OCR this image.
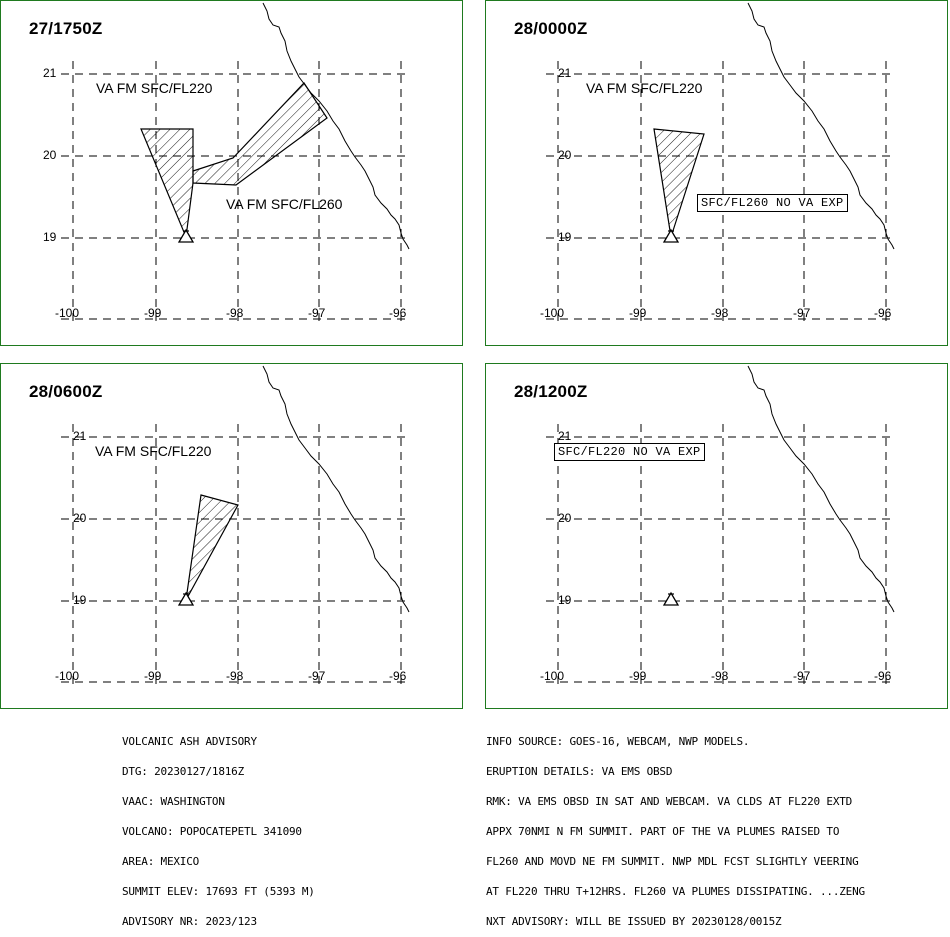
27/1750Z
21
20
19
-100	-99	-98	-97	-96
VA FM SFC/FL220
VA FM SFC/FL260
28/0000Z
21
20
19
-100	-99	-98	-97	-96
VA FM SFC/FL220
SFC/FL260 NO VA EXP
28/0600Z
21
20
19
-100	-99	-98	-97	-96
VA FM SFC/FL220
28/1200Z
21
20
19
-100	-99	-98	-97	-96
SFC/FL220 NO VA EXP

VOLCANIC ASH ADVISORY

DTG: 20230127/1816Z

VAAC: WASHINGTON

VOLCANO: POPOCATEPETL 341090

AREA: MEXICO

SUMMIT ELEV: 17693 FT (5393 M)

ADVISORY NR: 2023/123

INFO SOURCE: GOES-16, WEBCAM, NWP MODELS.

ERUPTION DETAILS: VA EMS OBSD

RMK: VA EMS OBSD IN SAT AND WEBCAM. VA CLDS AT FL220 EXTD

APPX 70NMI N FM SUMMIT. PART OF THE VA PLUMES RAISED TO

FL260 AND MOVD NE FM SUMMIT. NWP MDL FCST SLIGHTLY VEERING

AT FL220 THRU T+12HRS. FL260 VA PLUMES DISSIPATING. ...ZENG

NXT ADVISORY: WILL BE ISSUED BY 20230128/0015Z
